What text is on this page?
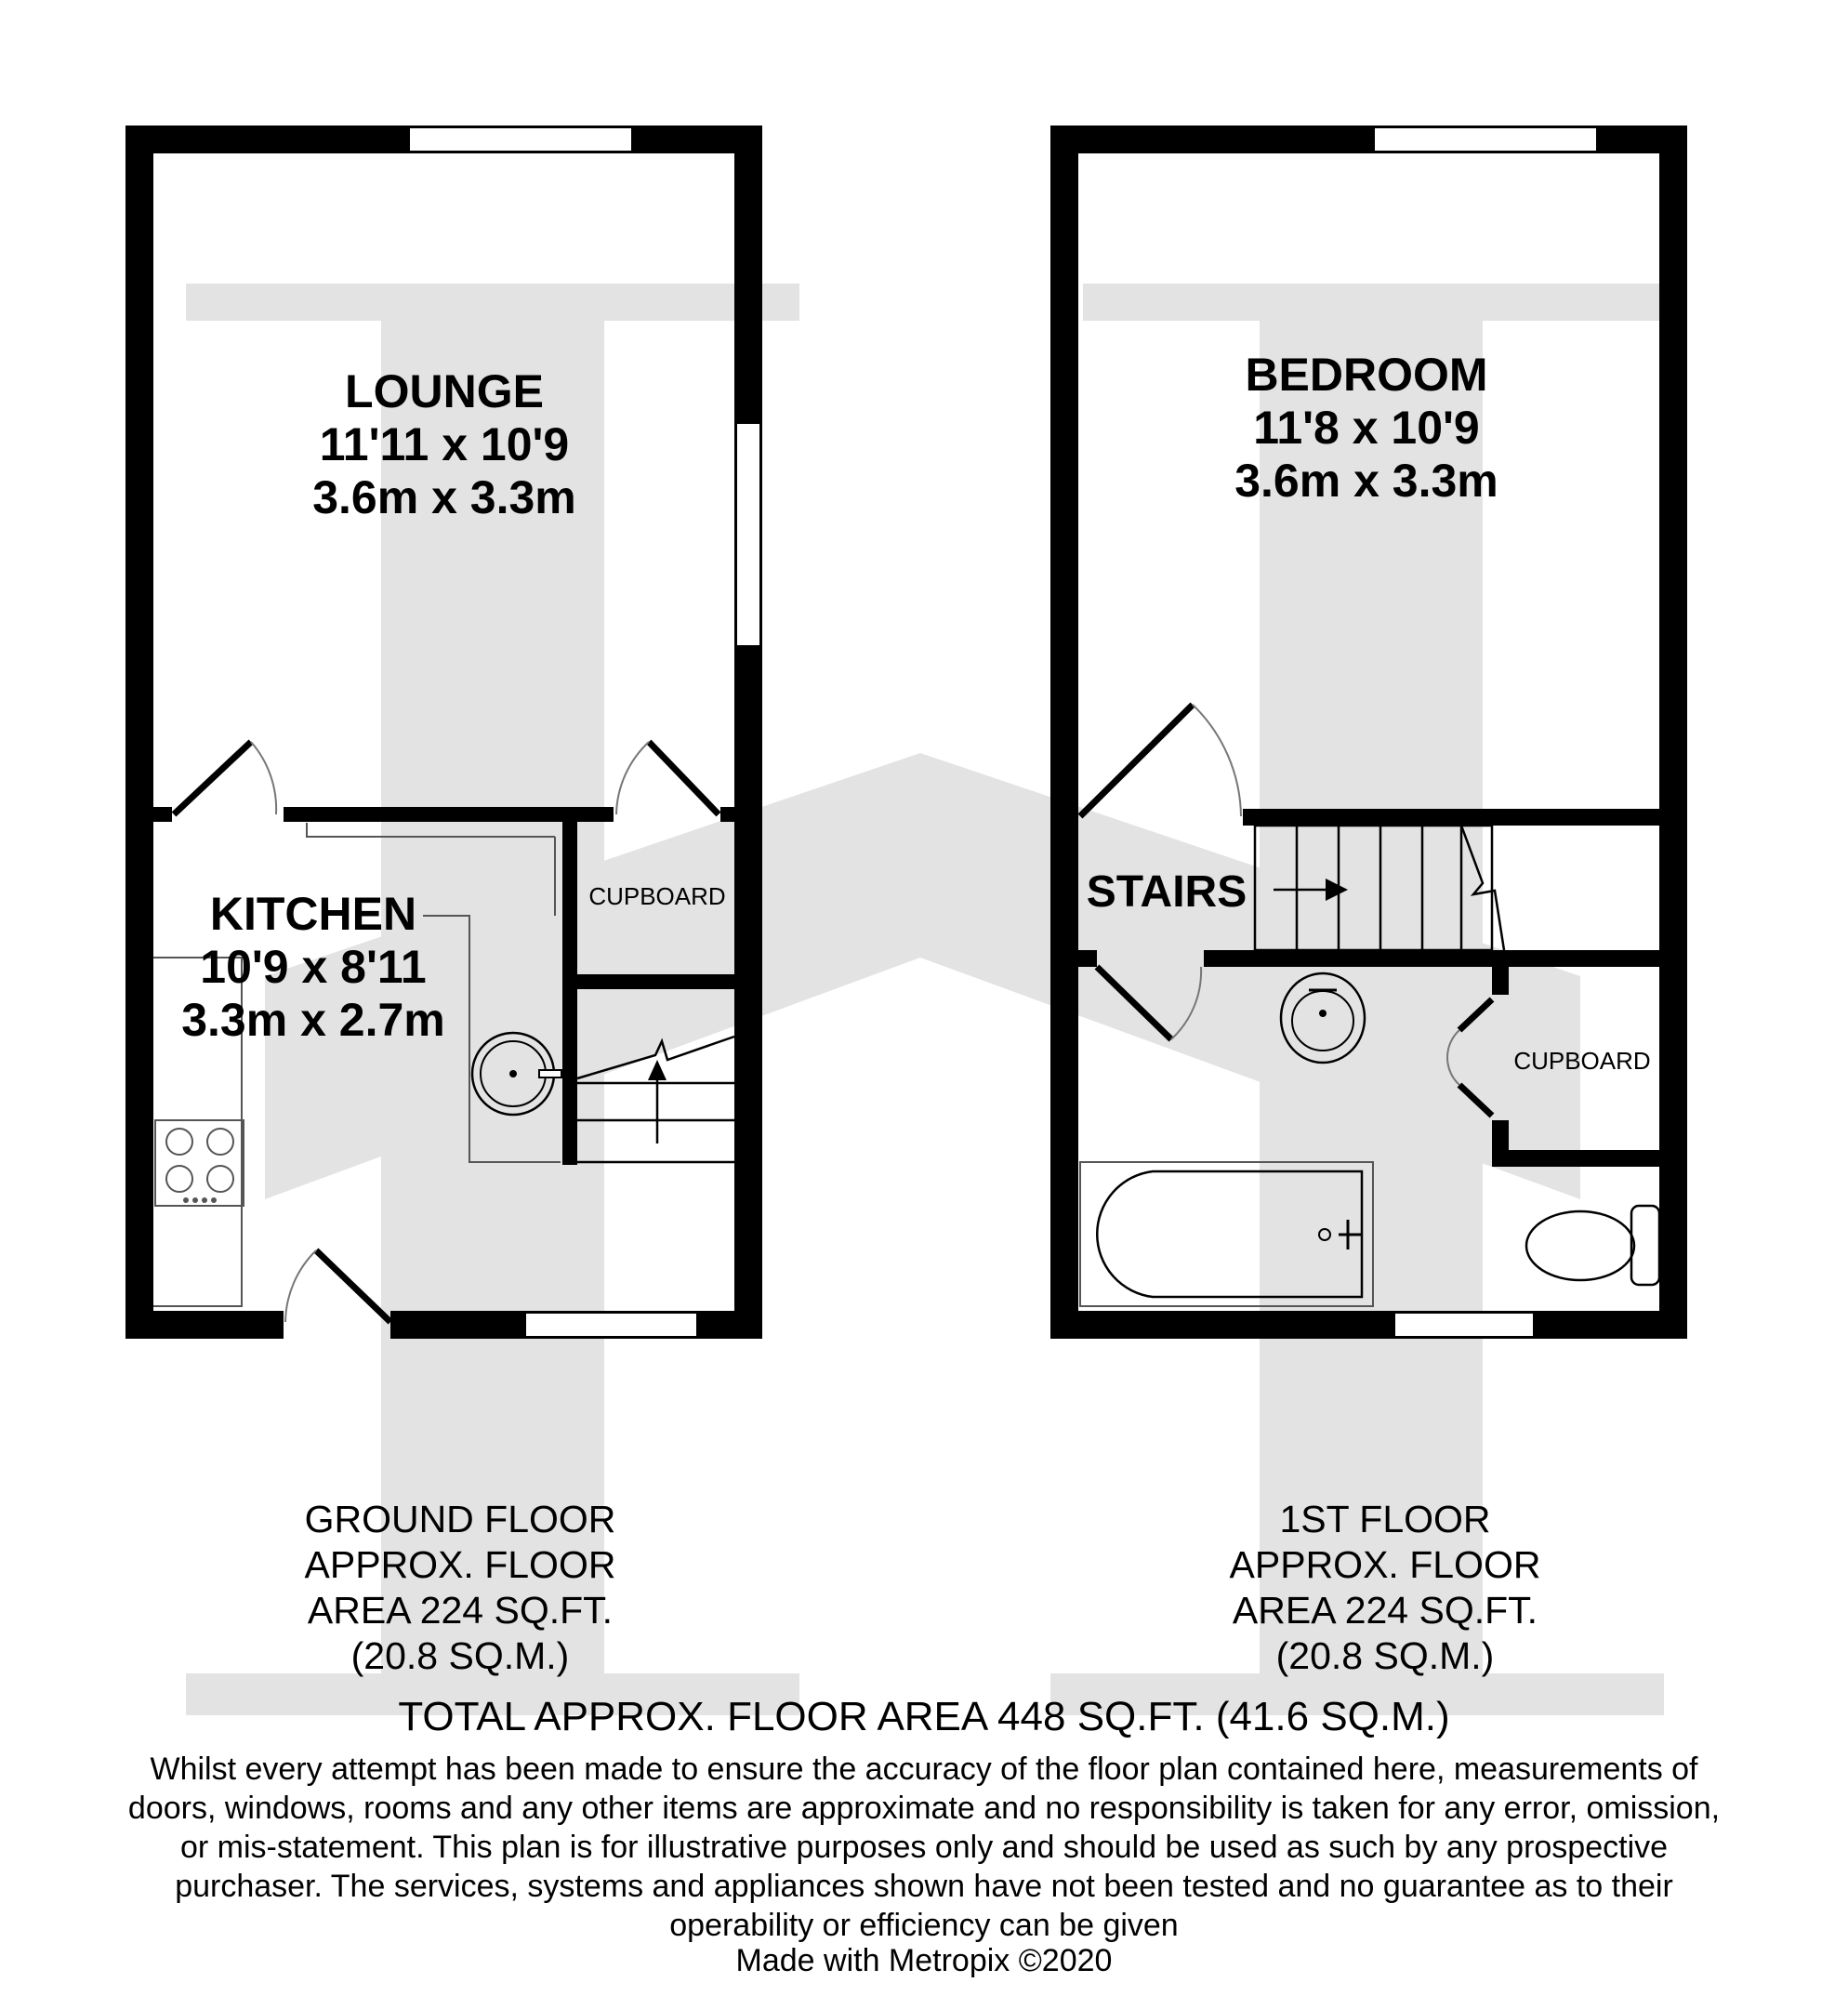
LOUNGE
11'11 x 10'9
3.6m x 3.3m
KITCHEN
10'9 x 8'11
3.3m x 2.7m
CUPBOARD
BEDROOM
11'8 x 10'9
3.6m x 3.3m
STAIRS
CUPBOARD
GROUND FLOOR
APPROX. FLOOR
AREA 224 SQ.FT.
(20.8 SQ.M.)
1ST FLOOR
APPROX. FLOOR
AREA 224 SQ.FT.
(20.8 SQ.M.)
TOTAL APPROX. FLOOR AREA 448 SQ.FT. (41.6 SQ.M.)
Whilst every attempt has been made to ensure the accuracy of the floor plan contained here, measurements of doors, windows, rooms and any other items are approximate and no responsibility is taken for any error, omission, or mis-statement. This plan is for illustrative purposes only and should be used as such by any prospective purchaser. The services, systems and appliances shown have not been tested and no guarantee as to their operability or efficiency can be given
Made with Metropix ©2020
